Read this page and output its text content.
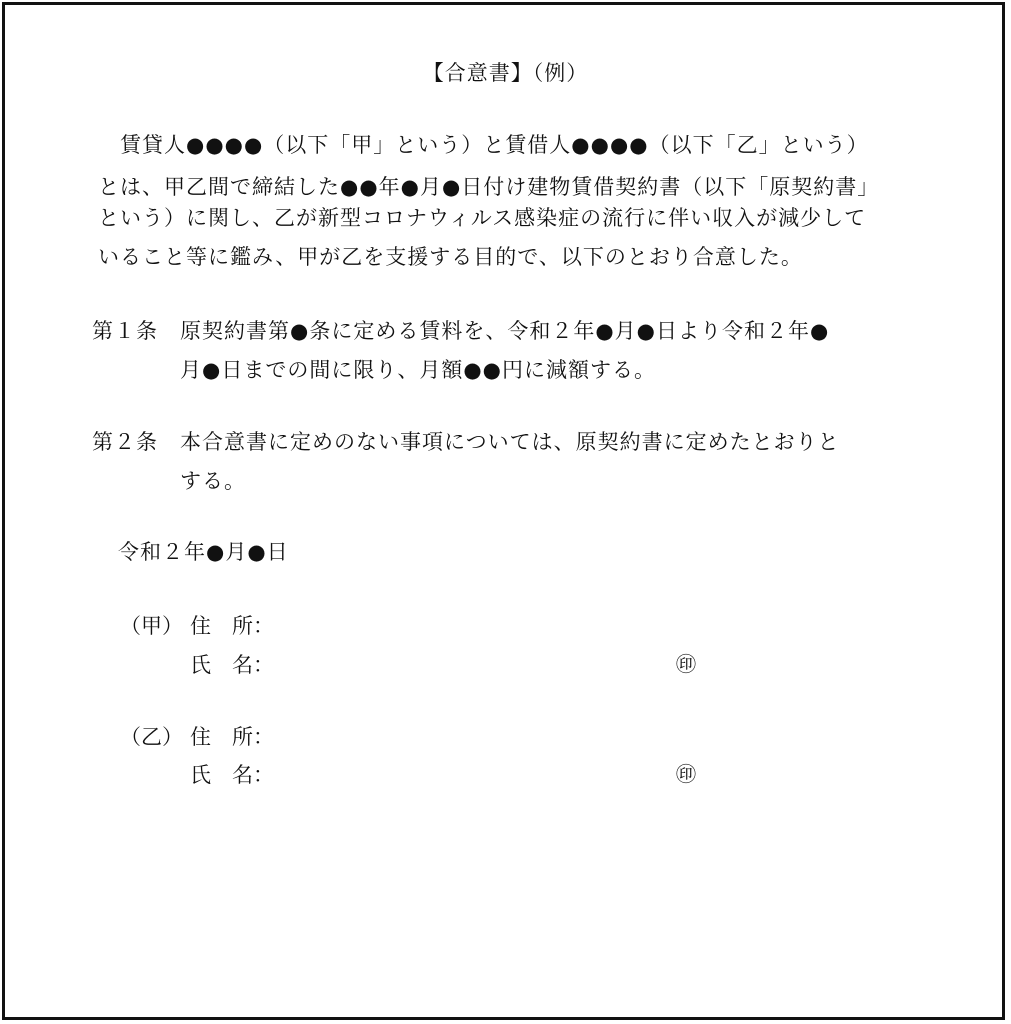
【合意書】（例）
　賃貸人●●●●（以下「甲」という）と賃借人●●●●（以下「乙」という）
とは、甲乙間で締結した●●年●月●日付け建物賃借契約書（以下「原契約書」
という）に関し、乙が新型コロナウィルス感染症の流行に伴い収入が減少して
いること等に鑑み、甲が乙を支援する目的で、以下のとおり合意した。
第１条　原契約書第●条に定める賃料を、令和２年●月●日より令和２年●
　　　　月●日までの間に限り、月額●●円に減額する。
第２条　本合意書に定めのない事項については、原契約書に定めたとおりと
　　　　する。
令和２年●月●日
（甲） 住　所：
氏　名：	㊞
（乙） 住　所：
氏　名：	㊞
